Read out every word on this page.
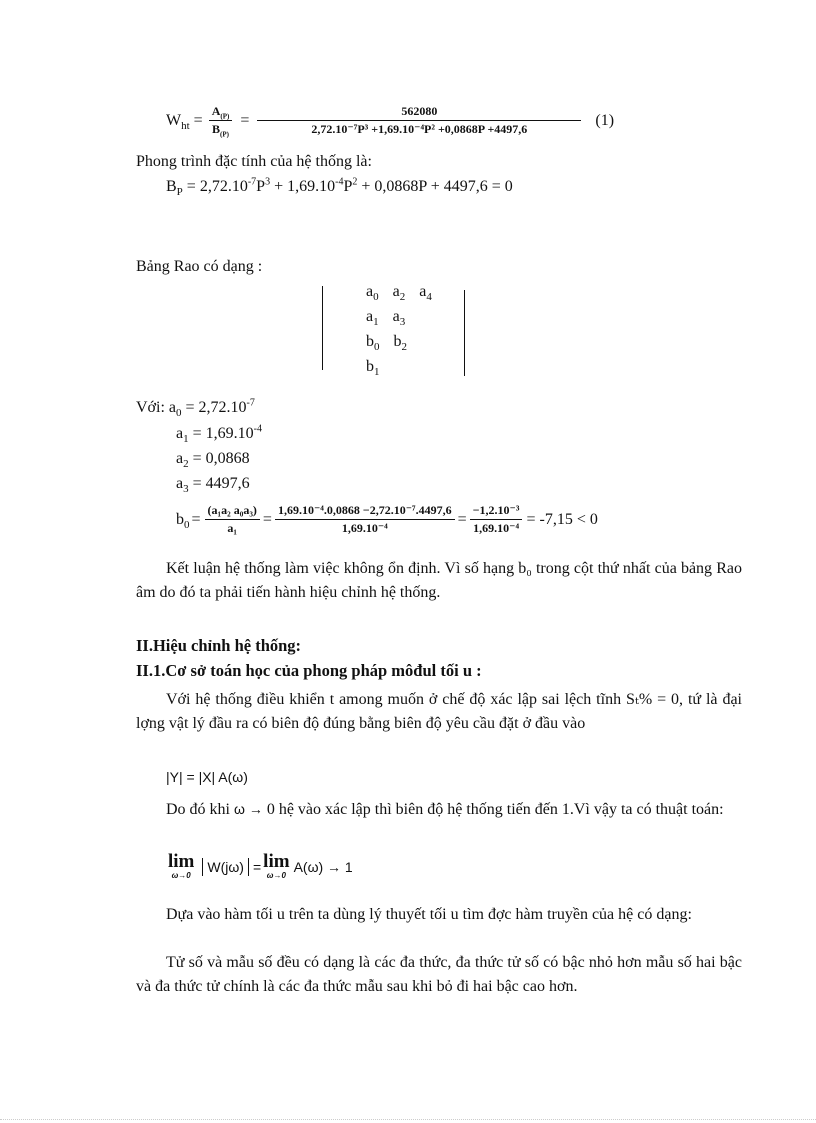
$W_{ht} = \frac{A_{(P)}}{B_{(P)}} = \frac{562080}{\text{2,72.10⁻⁷P³ +1,69.10⁻⁴P² +0,0868P +4497,6}} (1)$
Phong trình đặc tính của hệ thống là:
$B_P = 2,72.10^{-7}P^3 + 1,69.10^{-4}P^2 + 0,0868P + 4497,6 = 0$
Bảng Rao có dạng :
$a_0$ $a_2$ $a_4$
$a_1$ $a_3$
$b_0$ $b_2$
$b_1$
Với: $a_0 = 2,72.10^{-7}$
$a_1 = 1,69.10^{-4}$
$a_2 = 0,0868$
$a_3 = 4497,6$
$b_0 = \frac{\text{(a₁a₂ a₀a₃)}}{\text{a₁}} = \frac{\text{1,69.10⁻⁴.0,0868 −2,72.10⁻⁷.4497,6}}{\text{1,69.10⁻⁴}} = \frac{\text{−1,2.10⁻³}}{\text{1,69.10⁻⁴}} = -7,15 < 0$
Kết luận hệ thống làm việc không ổn định. Vì số hạng b₀ trong cột thứ nhất của bảng Rao âm do đó ta phải tiến hành hiệu chỉnh hệ thống.
II.Hiệu chỉnh hệ thống:
II.1.Cơ sở toán học của phong pháp môđul tối u :
Với hệ thống điều khiển t among muốn ở chế độ xác lập sai lệch tĩnh Sₜ% = 0, tứ là đại lợng vật lý đầu ra có biên độ đúng bằng biên độ yêu cầu đặt ở đầu vào
|Y| = |X| A(ω)
Do đó khi ω → 0 hệ vào xác lập thì biên độ hệ thống tiến đến 1.Vì vậy ta có thuật toán:
lim
ω→0
W(jω) = lim
ω→0
A(ω) → 1
Dựa vào hàm tối u trên ta dùng lý thuyết tối u tìm đợc hàm truyền của hệ có dạng:
Tử số và mẫu số đều có dạng là các đa thức, đa thức tử số có bậc nhỏ hơn mẫu số hai bậc và đa thức tử chính là các đa thức mẫu sau khi bỏ đi hai bậc cao hơn.
